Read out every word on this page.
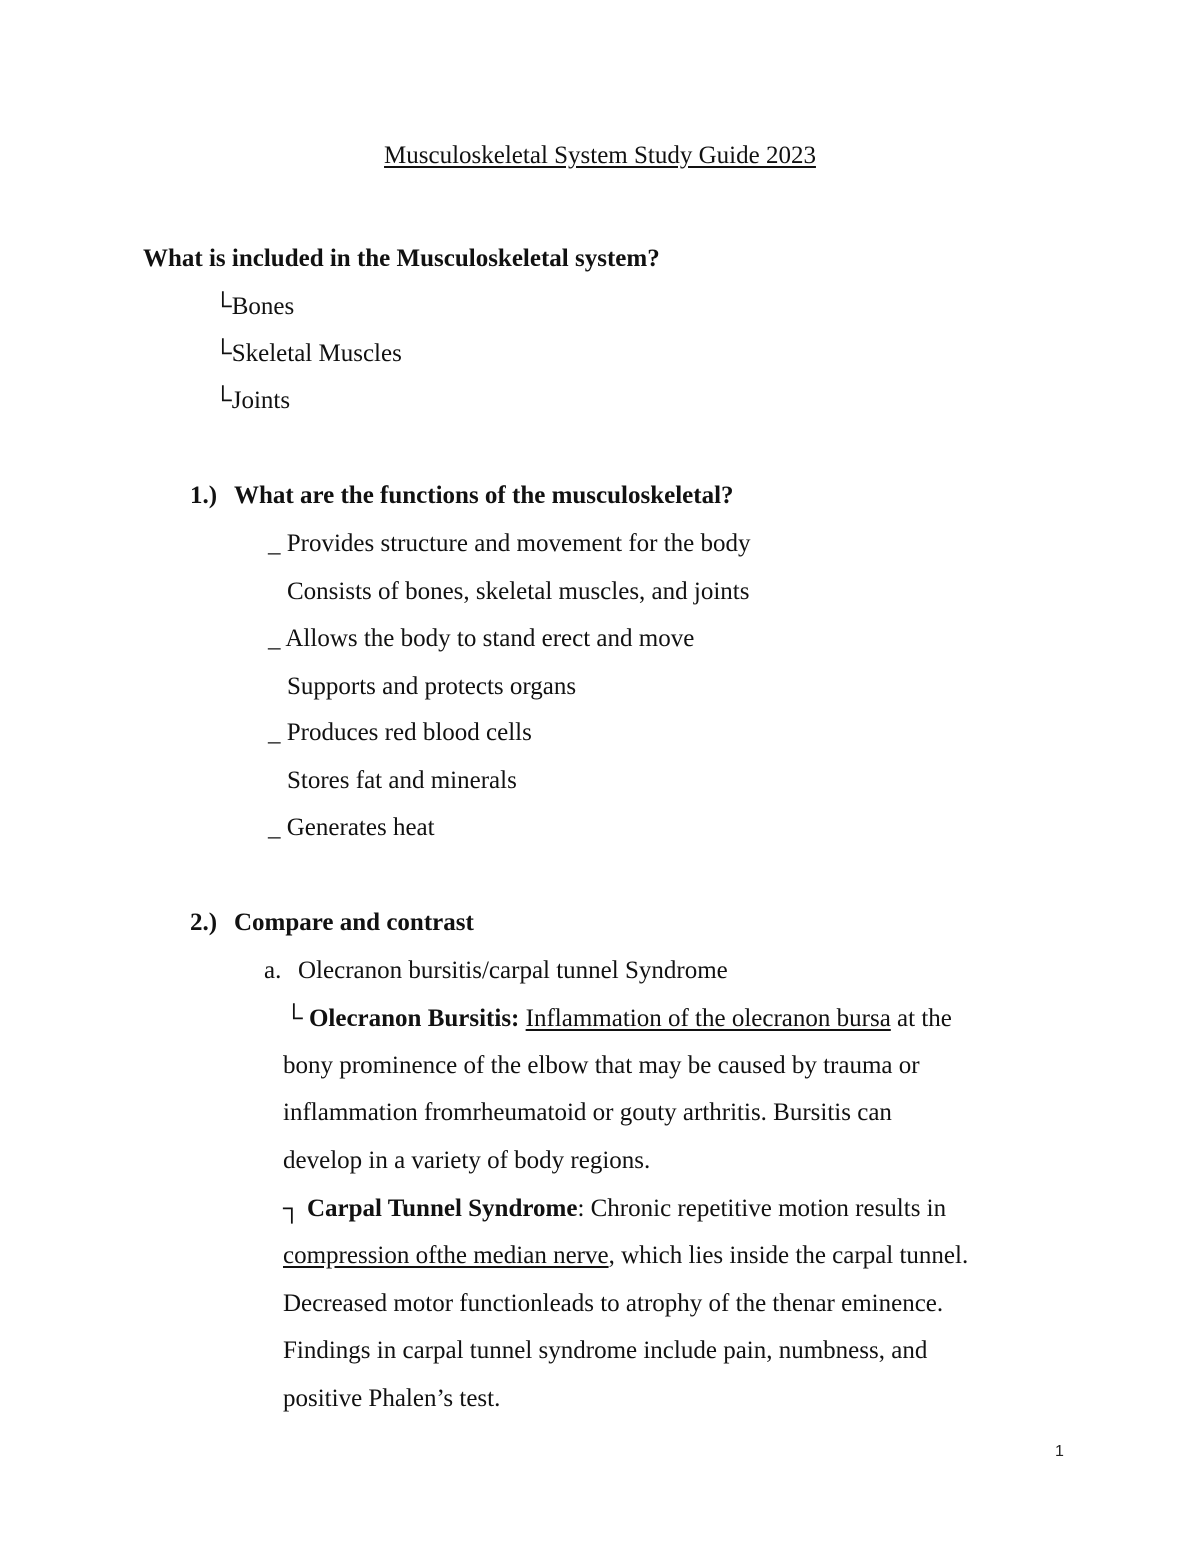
Musculoskeletal System Study Guide 2023
What is included in the Musculoskeletal system?
└Bones
└Skeletal Muscles
└Joints
1.) What are the functions of the musculoskeletal?
_ Provides structure and movement for the body
Consists of bones, skeletal muscles, and joints
_ Allows the body to stand erect and move
Supports and protects organs
_ Produces red blood cells
Stores fat and minerals
_ Generates heat
2.) Compare and contrast
a. Olecranon bursitis/carpal tunnel Syndrome
└ Olecranon Bursitis: Inflammation of the olecranon bursa at the
bony prominence of the elbow that may be caused by trauma or
inflammation fromrheumatoid or gouty arthritis. Bursitis can
develop in a variety of body regions.
┐ Carpal Tunnel Syndrome: Chronic repetitive motion results in
compression ofthe median nerve, which lies inside the carpal tunnel.
Decreased motor functionleads to atrophy of the thenar eminence.
Findings in carpal tunnel syndrome include pain, numbness, and
positive Phalen’s test.
1
